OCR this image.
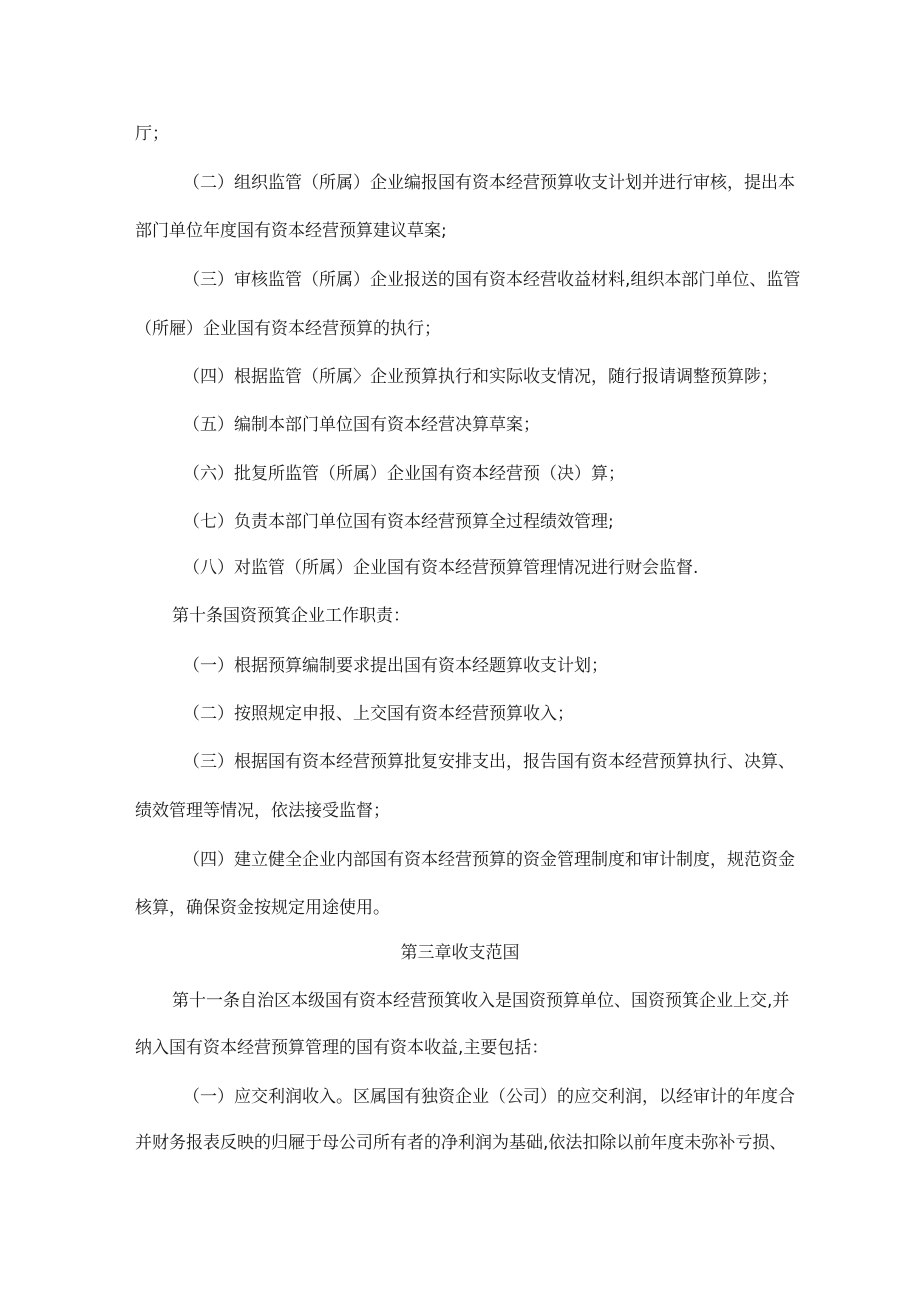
厅；
（二）组织监管（所属）企业编报国有资本经营预算收支计划并进行审核，提出本
部门单位年度国有资本经营预算建议草案;
（三）审核监管（所属）企业报送的国有资本经营收益材料,组织本部门单位、监管
（所屜）企业国有资本经营预算的执行；
（四）根据监管（所属〉企业预算执行和实际收支情况，随行报请调整预算陟；
（五）编制本部门单位国有资本经营决算草案；
（六）批复所监管（所属）企业国有资本经营预（决）算；
（七）负责本部门单位国有资本经营预算全过程绩效管理;
（八）对监管（所属）企业国有资本经营预算管理情况进行财会监督.
第十条国资预箕企业工作职责：
（一）根据预算编制要求提出国有资本经题算收支计划；
（二）按照规定申报、上交国有资本经营预算收入；
（三）根据国有资本经营预算批复安排支出，报告国有资本经营预算执行、决算、
绩效管理等情况，依法接受监督；
（四）建立健全企业内部国有资本经营预算的资金管理制度和审计制度，规范资金
核算，确保资金按规定用途使用。
第三章收支范国
第十一条自治区本级国有资本经营预箕收入是国资预算单位、国资预箕企业上交,并
纳入国有资本经营预算管理的国有资本收益,主要包括：
（一）应交利润收入。区属国有独资企业（公司）的应交利润，以经审计的年度合
并财务报表反映的归屜于母公司所有者的净利润为基础,依法扣除以前年度未弥补亏损、
